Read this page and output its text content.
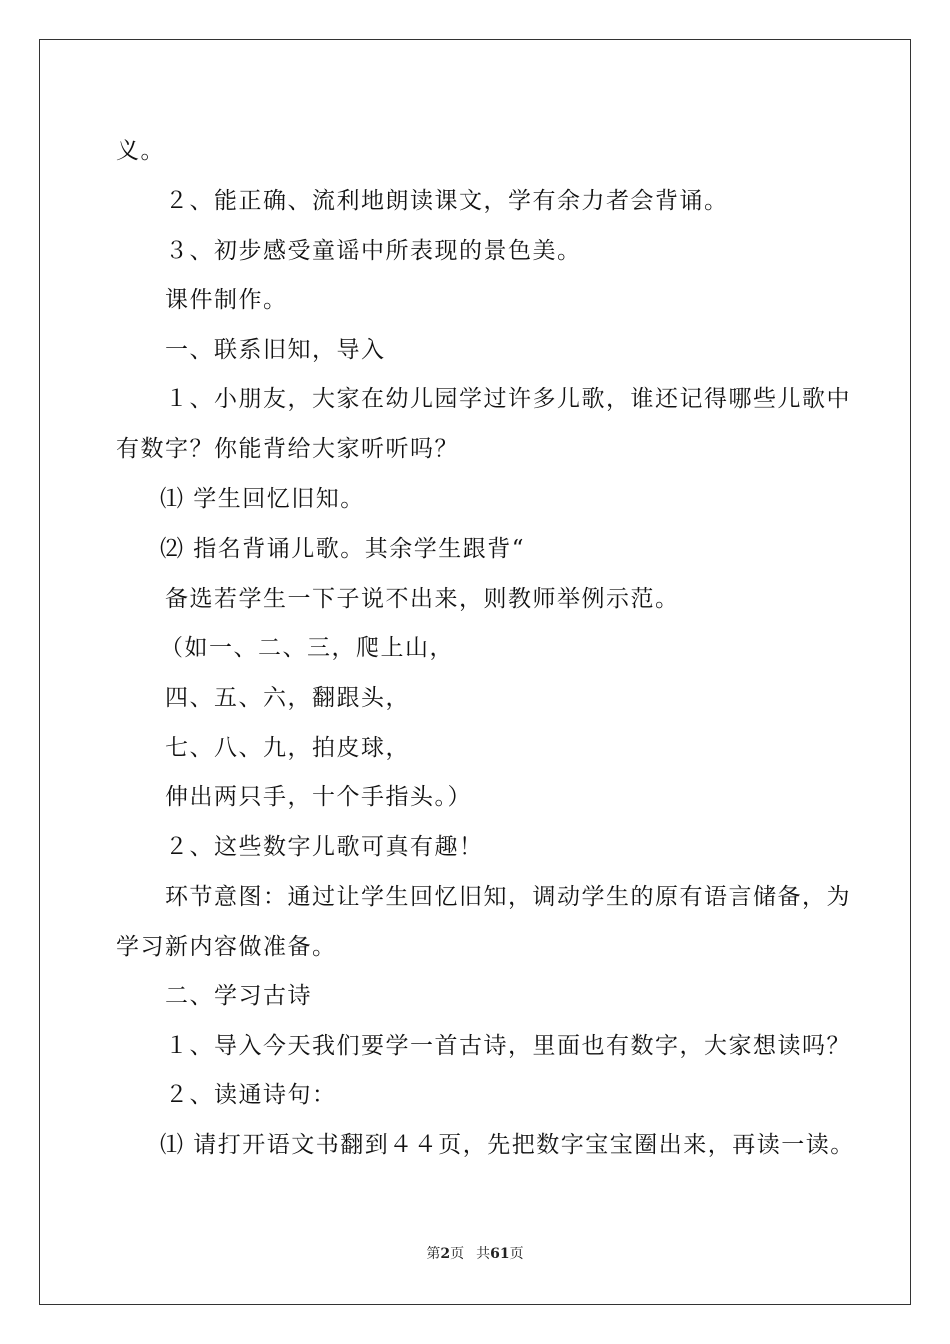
义。
２、能正确、流利地朗读课文，学有余力者会背诵。
３、初步感受童谣中所表现的景色美。
课件制作。
一、联系旧知，导入
１、小朋友，大家在幼儿园学过许多儿歌，谁还记得哪些儿歌中
有数字？你能背给大家听听吗？
⑴ 学生回忆旧知。
⑵ 指名背诵儿歌。其余学生跟背“
备选若学生一下子说不出来，则教师举例示范。
（如一、二、三，爬上山，
四、五、六，翻跟头，
七、八、九，拍皮球，
伸出两只手，十个手指头。）
２、这些数字儿歌可真有趣！
环节意图：通过让学生回忆旧知，调动学生的原有语言储备，为
学习新内容做准备。
二、学习古诗
１、导入今天我们要学一首古诗，里面也有数字，大家想读吗？
２、读通诗句：
⑴ 请打开语文书翻到４４页，先把数字宝宝圈出来，再读一读。
第2页 共61页
